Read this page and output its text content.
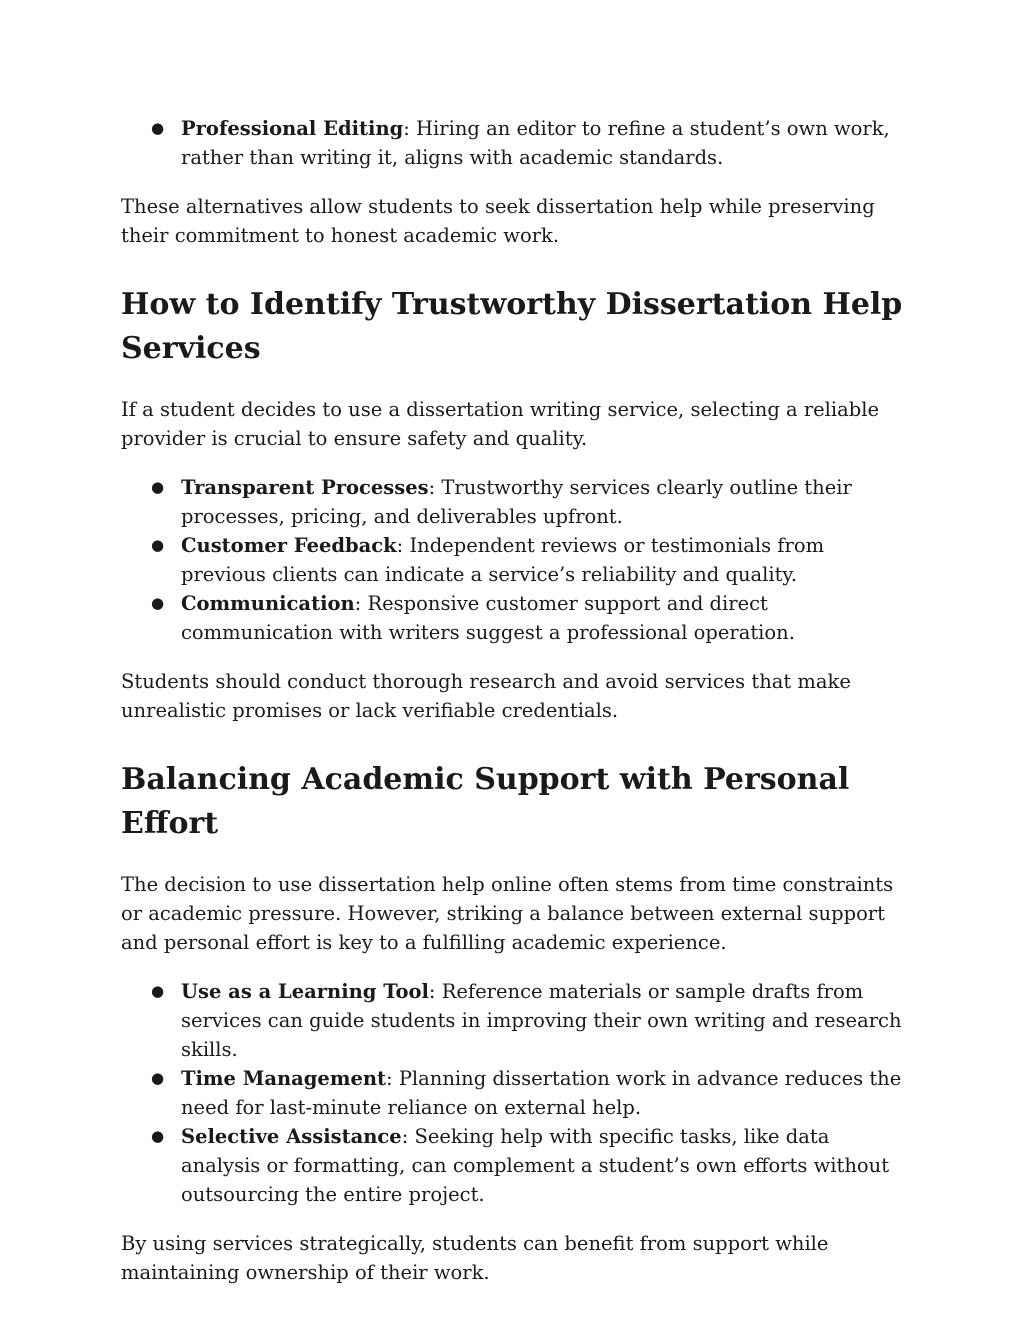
● Professional Editing: Hiring an editor to refine a student’s own work, rather than writing it, aligns with academic standards.

These alternatives allow students to seek dissertation help while preserving their commitment to honest academic work.

How to Identify Trustworthy Dissertation Help Services

If a student decides to use a dissertation writing service, selecting a reliable provider is crucial to ensure safety and quality.

● Transparent Processes: Trustworthy services clearly outline their processes, pricing, and deliverables upfront.
● Customer Feedback: Independent reviews or testimonials from previous clients can indicate a service’s reliability and quality.
● Communication: Responsive customer support and direct communication with writers suggest a professional operation.

Students should conduct thorough research and avoid services that make unrealistic promises or lack verifiable credentials.

Balancing Academic Support with Personal Effort

The decision to use dissertation help online often stems from time constraints or academic pressure. However, striking a balance between external support and personal effort is key to a fulfilling academic experience.

● Use as a Learning Tool: Reference materials or sample drafts from services can guide students in improving their own writing and research skills.
● Time Management: Planning dissertation work in advance reduces the need for last-minute reliance on external help.
● Selective Assistance: Seeking help with specific tasks, like data analysis or formatting, can complement a student’s own efforts without outsourcing the entire project.

By using services strategically, students can benefit from support while maintaining ownership of their work.
